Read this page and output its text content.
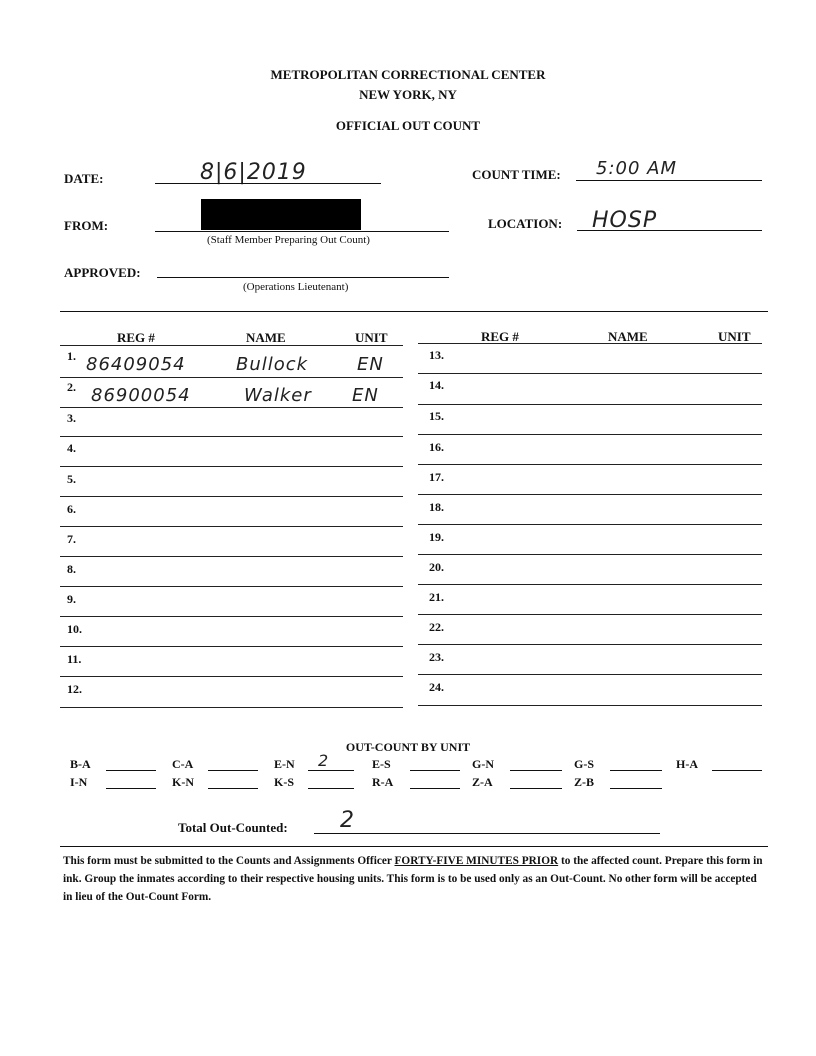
METROPOLITAN CORRECTIONAL CENTER
NEW YORK, NY
OFFICIAL OUT COUNT
DATE:	8|6|2019	COUNT TIME: 5:00 AM
FROM:
(Staff Member Preparing Out Count)
LOCATION: HOSP
APPROVED:
(Operations Lieutenant)
REG #	NAME	UNIT	REG #	NAME	UNIT
1. 86409054	Bullock	EN
2. 86900054	Walker EN
3.
4.
5.
6.
7.
8.
9.
10.
11.
12.
13.
14.
15.
16.
17.
18.
19.
20.
21.
22.
23.
24.
OUT-COUNT BY UNIT
B-A	C-A	E-N 2	E-S	G-N	G-S	H-A
I-N	K-N	K-S	R-A	Z-A	Z-B
Total Out-Counted: 2
This form must be submitted to the Counts and Assignments Officer FORTY-FIVE MINUTES PRIOR to the affected count. Prepare this form in ink. Group the inmates according to their respective housing units. This form is to be used only as an Out-Count. No other form will be accepted in lieu of the Out-Count Form.
